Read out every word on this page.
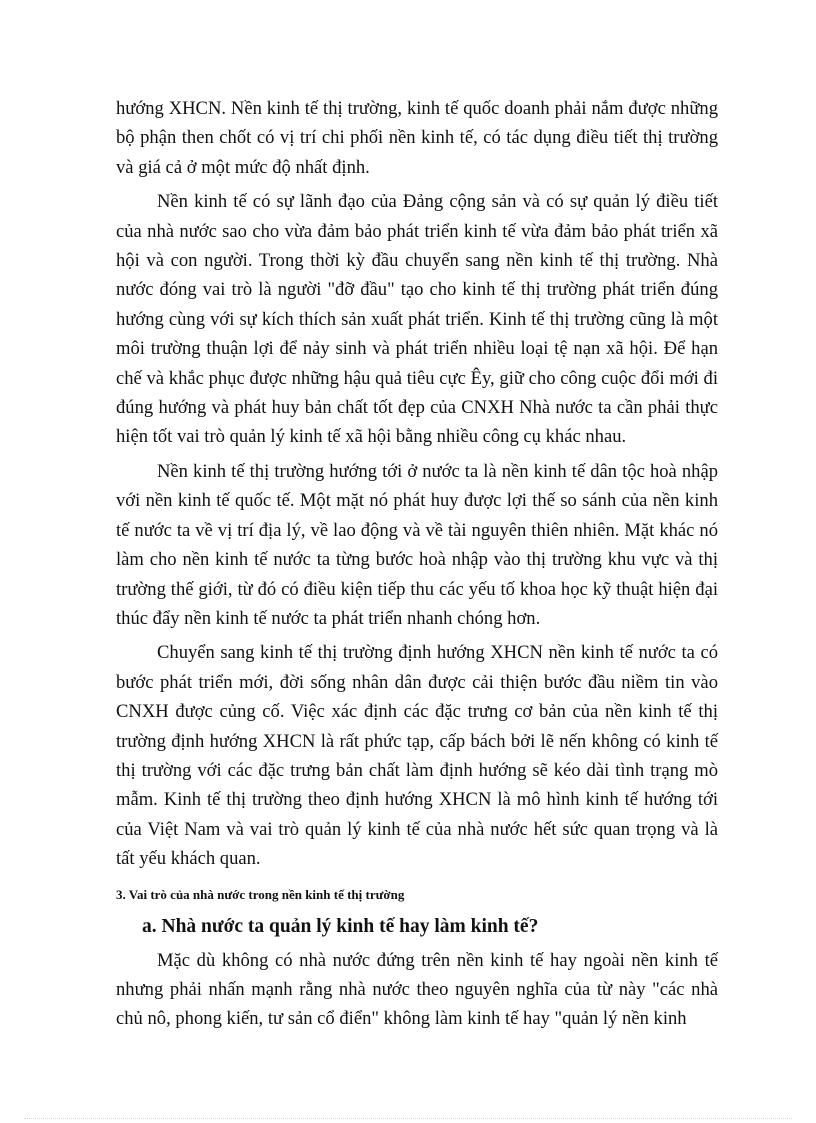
hướng XHCN. Nền kinh tế thị trường, kinh tế quốc doanh phải nắm được những bộ phận then chốt có vị trí chi phối nền kinh tế, có tác dụng điều tiết thị trường và giá cả ở một mức độ nhất định.

Nền kinh tế có sự lãnh đạo của Đảng cộng sản và có sự quản lý điều tiết của nhà nước sao cho vừa đảm bảo phát triển kinh tế vừa đảm bảo phát triển xã hội và con người. Trong thời kỳ đầu chuyển sang nền kinh tế thị trường. Nhà nước đóng vai trò là người "đỡ đầu" tạo cho kinh tế thị trường phát triển đúng hướng cùng với sự kích thích sản xuất phát triển. Kinh tế thị trường cũng là một môi trường thuận lợi để nảy sinh và phát triển nhiều loại tệ nạn xã hội. Để hạn chế và khắc phục được những hậu quả tiêu cực Êy, giữ cho công cuộc đổi mới đi đúng hướng và phát huy bản chất tốt đẹp của CNXH Nhà nước ta cần phải thực hiện tốt vai trò quản lý kinh tế xã hội bằng nhiều công cụ khác nhau.

Nền kinh tế thị trường hướng tới ở nước ta là nền kinh tế dân tộc hoà nhập với nền kinh tế quốc tế. Một mặt nó phát huy được lợi thế so sánh của nền kinh tế nước ta về vị trí địa lý, về lao động và về tài nguyên thiên nhiên. Mặt khác nó làm cho nền kinh tế nước ta từng bước hoà nhập vào thị trường khu vực và thị trường thế giới, từ đó có điều kiện tiếp thu các yếu tố khoa học kỹ thuật hiện đại thúc đẩy nền kinh tế nước ta phát triển nhanh chóng hơn.

Chuyển sang kinh tế thị trường định hướng XHCN nền kinh tế nước ta có bước phát triển mới, đời sống nhân dân được cải thiện bước đầu niềm tin vào CNXH được củng cố. Việc xác định các đặc trưng cơ bản của nền kinh tế thị trường định hướng XHCN là rất phức tạp, cấp bách bởi lẽ nến không có kinh tế thị trường với các đặc trưng bản chất làm định hướng sẽ kéo dài tình trạng mò mẫm. Kinh tế thị trường theo định hướng XHCN là mô hình kinh tế hướng tới của Việt Nam và vai trò quản lý kinh tế của nhà nước hết sức quan trọng và là tất yếu khách quan.

3. Vai trò của nhà nước trong nền kinh tế thị trường
a. Nhà nước ta quản lý kinh tế hay làm kinh tế?

Mặc dù không có nhà nước đứng trên nền kinh tế hay ngoài nền kinh tế nhưng phải nhấn mạnh rằng nhà nước theo nguyên nghĩa của từ này "các nhà chủ nô, phong kiến, tư sản cổ điển" không làm kinh tế hay "quản lý nền kinh
